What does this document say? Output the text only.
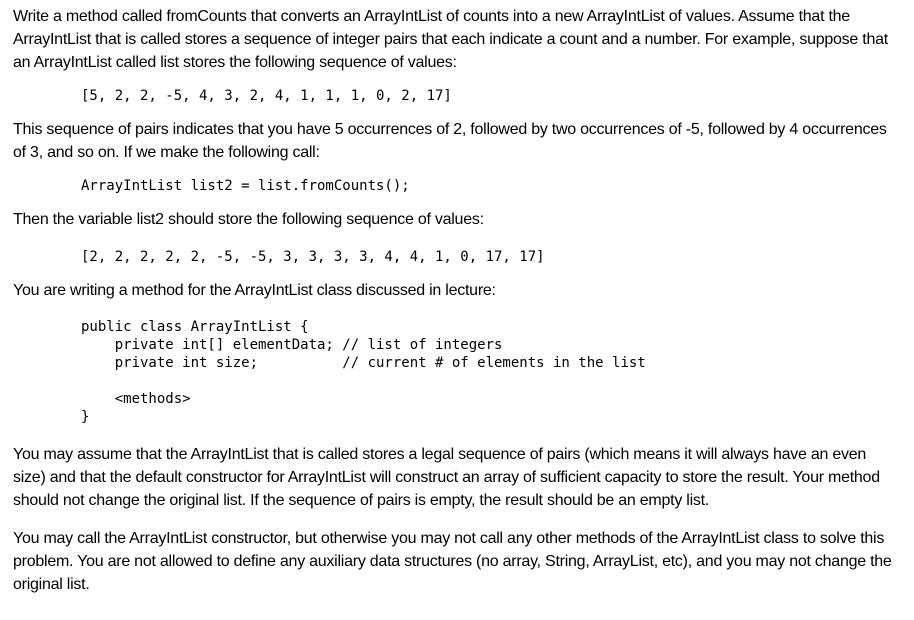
Write a method called fromCounts that converts an ArrayIntList of counts into a new ArrayIntList of values. Assume that the
ArrayIntList that is called stores a sequence of integer pairs that each indicate a count and a number. For example, suppose that
an ArrayIntList called list stores the following sequence of values:
[5, 2, 2, -5, 4, 3, 2, 4, 1, 1, 1, 0, 2, 17]
This sequence of pairs indicates that you have 5 occurrences of 2, followed by two occurrences of -5, followed by 4 occurrences
of 3, and so on. If we make the following call:
ArrayIntList list2 = list.fromCounts();
Then the variable list2 should store the following sequence of values:
[2, 2, 2, 2, 2, -5, -5, 3, 3, 3, 3, 4, 4, 1, 0, 17, 17]
You are writing a method for the ArrayIntList class discussed in lecture:
public class ArrayIntList {
private int[] elementData; // list of integers
private int size;          // current # of elements in the list
<methods>
}
You may assume that the ArrayIntList that is called stores a legal sequence of pairs (which means it will always have an even
size) and that the default constructor for ArrayIntList will construct an array of sufficient capacity to store the result. Your method
should not change the original list. If the sequence of pairs is empty, the result should be an empty list.
You may call the ArrayIntList constructor, but otherwise you may not call any other methods of the ArrayIntList class to solve this
problem. You are not allowed to define any auxiliary data structures (no array, String, ArrayList, etc), and you may not change the
original list.
